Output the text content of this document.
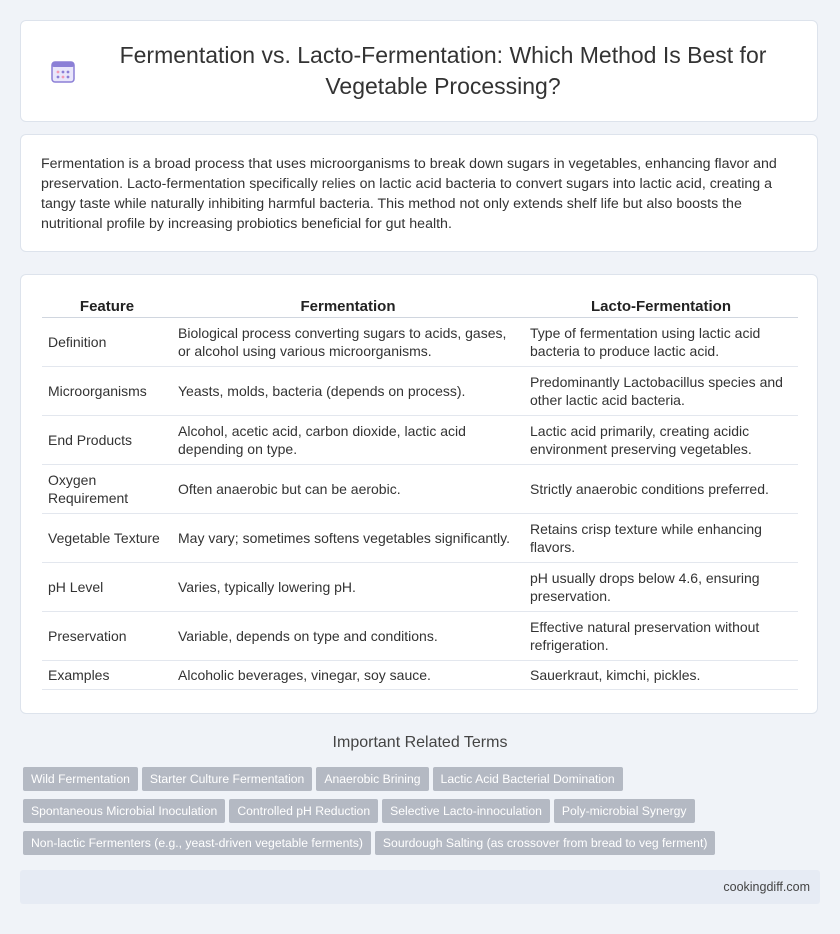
Fermentation vs. Lacto-Fermentation: Which Method Is Best for Vegetable Processing?

Fermentation is a broad process that uses microorganisms to break down sugars in vegetables, enhancing flavor and preservation. Lacto-fermentation specifically relies on lactic acid bacteria to convert sugars into lactic acid, creating a tangy taste while naturally inhibiting harmful bacteria. This method not only extends shelf life but also boosts the nutritional profile by increasing probiotics beneficial for gut health.

Feature	Fermentation	Lacto-Fermentation
Definition	Biological process converting sugars to acids, gases, or alcohol using various microorganisms.	Type of fermentation using lactic acid bacteria to produce lactic acid.
Microorganisms	Yeasts, molds, bacteria (depends on process).	Predominantly Lactobacillus species and other lactic acid bacteria.
End Products	Alcohol, acetic acid, carbon dioxide, lactic acid depending on type.	Lactic acid primarily, creating acidic environment preserving vegetables.
Oxygen Requirement	Often anaerobic but can be aerobic.	Strictly anaerobic conditions preferred.
Vegetable Texture	May vary; sometimes softens vegetables significantly.	Retains crisp texture while enhancing flavors.
pH Level	Varies, typically lowering pH.	pH usually drops below 4.6, ensuring preservation.
Preservation	Variable, depends on type and conditions.	Effective natural preservation without refrigeration.
Examples	Alcoholic beverages, vinegar, soy sauce.	Sauerkraut, kimchi, pickles.
Important Related Terms
Wild Fermentation Starter Culture Fermentation Anaerobic Brining Lactic Acid Bacterial Domination
Spontaneous Microbial Inoculation Controlled pH Reduction Selective Lacto-innoculation Poly-microbial Synergy
Non-lactic Fermenters (e.g., yeast-driven vegetable ferments) Sourdough Salting (as crossover from bread to veg ferment)
cookingdiff.com
